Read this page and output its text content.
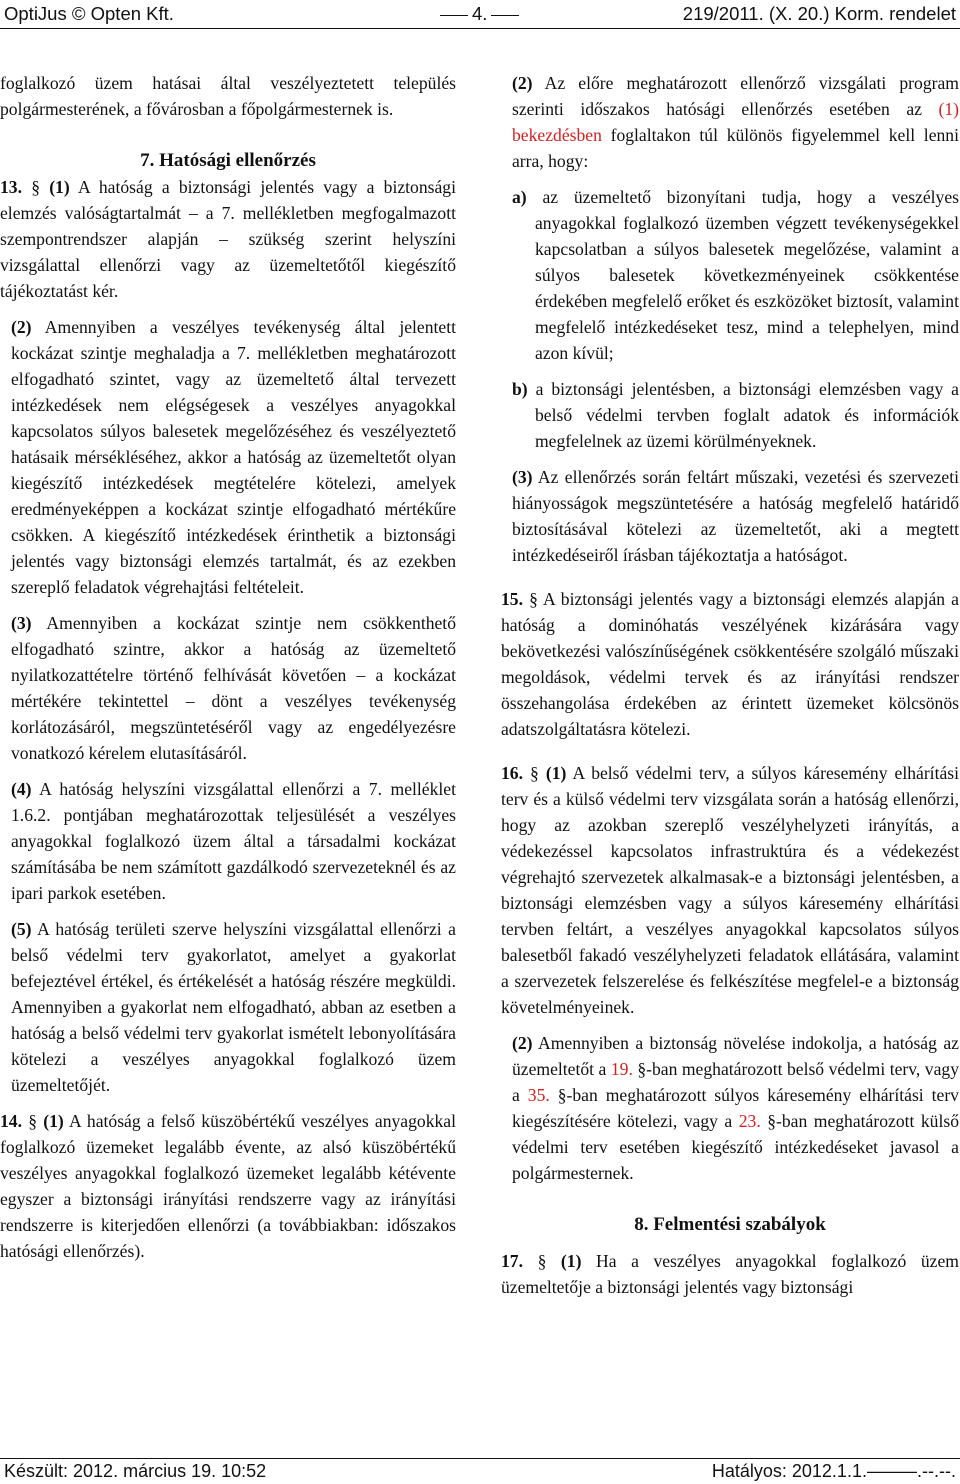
OptiJus © Opten Kft.	4.	219/2011. (X. 20.) Korm. rendelet

foglalkozó üzem hatásai által veszélyeztetett település polgármesterének, a fővárosban a főpolgármesternek is.

7. Hatósági ellenőrzés

13. § (1) A hatóság a biztonsági jelentés vagy a biztonsági elemzés valóságtartalmát – a 7. mellékletben megfogalmazott szempontrendszer alapján – szükség szerint helyszíni vizsgálattal ellenőrzi vagy az üzemeltetőtől kiegészítő tájékoztatást kér.

(2) Amennyiben a veszélyes tevékenység által jelentett kockázat szintje meghaladja a 7. mellékletben meghatározott elfogadható szintet, vagy az üzemeltető által tervezett intézkedések nem elégségesek a veszélyes anyagokkal kapcsolatos súlyos balesetek megelőzéséhez és veszélyeztető hatásaik mérsékléséhez, akkor a hatóság az üzemeltetőt olyan kiegészítő intézkedések megtételére kötelezi, amelyek eredményeképpen a kockázat szintje elfogadható mértékűre csökken. A kiegészítő intézkedések érinthetik a biztonsági jelentés vagy biztonsági elemzés tartalmát, és az ezekben szereplő feladatok végrehajtási feltételeit.

(3) Amennyiben a kockázat szintje nem csökkenthető elfogadható szintre, akkor a hatóság az üzemeltető nyilatkozattételre történő felhívását követően – a kockázat mértékére tekintettel – dönt a veszélyes tevékenység korlátozásáról, megszüntetéséről vagy az engedélyezésre vonatkozó kérelem elutasításáról.

(4) A hatóság helyszíni vizsgálattal ellenőrzi a 7. melléklet 1.6.2. pontjában meghatározottak teljesülését a veszélyes anyagokkal foglalkozó üzem által a társadalmi kockázat számításába be nem számított gazdálkodó szervezeteknél és az ipari parkok esetében.

(5) A hatóság területi szerve helyszíni vizsgálattal ellenőrzi a belső védelmi terv gyakorlatot, amelyet a gyakorlat befejeztével értékel, és értékelését a hatóság részére megküldi. Amennyiben a gyakorlat nem elfogadható, abban az esetben a hatóság a belső védelmi terv gyakorlat ismételt lebonyolítására kötelezi a veszélyes anyagokkal foglalkozó üzem üzemeltetőjét.

14. § (1) A hatóság a felső küszöbértékű veszélyes anyagokkal foglalkozó üzemeket legalább évente, az alsó küszöbértékű veszélyes anyagokkal foglalkozó üzemeket legalább kétévente egyszer a biztonsági irányítási rendszerre vagy az irányítási rendszerre is kiterjedően ellenőrzi (a továbbiakban: időszakos hatósági ellenőrzés).

(2) Az előre meghatározott ellenőrző vizsgálati program szerinti időszakos hatósági ellenőrzés esetében az (1) bekezdésben foglaltakon túl különös figyelemmel kell lenni arra, hogy:

a) az üzemeltető bizonyítani tudja, hogy a veszélyes anyagokkal foglalkozó üzemben végzett tevékenységekkel kapcsolatban a súlyos balesetek megelőzése, valamint a súlyos balesetek következményeinek csökkentése érdekében megfelelő erőket és eszközöket biztosít, valamint megfelelő intézkedéseket tesz, mind a telephelyen, mind azon kívül;

b) a biztonsági jelentésben, a biztonsági elemzésben vagy a belső védelmi tervben foglalt adatok és információk megfelelnek az üzemi körülményeknek.

(3) Az ellenőrzés során feltárt műszaki, vezetési és szervezeti hiányosságok megszüntetésére a hatóság megfelelő határidő biztosításával kötelezi az üzemeltetőt, aki a megtett intézkedéseiről írásban tájékoztatja a hatóságot.

15. § A biztonsági jelentés vagy a biztonsági elemzés alapján a hatóság a dominóhatás veszélyének kizárására vagy bekövetkezési valószínűségének csökkentésére szolgáló műszaki megoldások, védelmi tervek és az irányítási rendszer összehangolása érdekében az érintett üzemeket kölcsönös adatszolgáltatásra kötelezi.

16. § (1) A belső védelmi terv, a súlyos káresemény elhárítási terv és a külső védelmi terv vizsgálata során a hatóság ellenőrzi, hogy az azokban szereplő veszélyhelyzeti irányítás, a védekezéssel kapcsolatos infrastruktúra és a védekezést végrehajtó szervezetek alkalmasak-e a biztonsági jelentésben, a biztonsági elemzésben vagy a súlyos káresemény elhárítási tervben feltárt, a veszélyes anyagokkal kapcsolatos súlyos balesetből fakadó veszélyhelyzeti feladatok ellátására, valamint a szervezetek felszerelése és felkészítése megfelel-e a biztonság követelményeinek.

(2) Amennyiben a biztonság növelése indokolja, a hatóság az üzemeltetőt a 19. §-ban meghatározott belső védelmi terv, vagy a 35. §-ban meghatározott súlyos káresemény elhárítási terv kiegészítésére kötelezi, vagy a 23. §-ban meghatározott külső védelmi terv esetében kiegészítő intézkedéseket javasol a polgármesternek.

8. Felmentési szabályok

17. § (1) Ha a veszélyes anyagokkal foglalkozó üzem üzemeltetője a biztonsági jelentés vagy biztonsági

Készült: 2012. március 19. 10:52	Hatályos: 2012.1.1.–––––.--.--.
